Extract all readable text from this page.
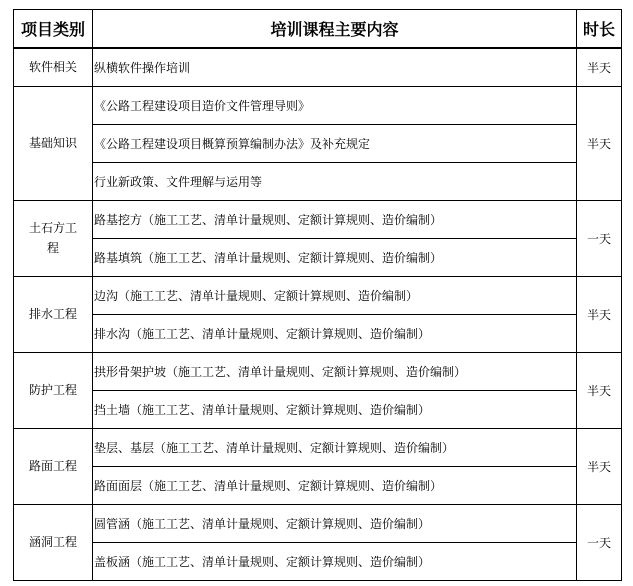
项目类别	培训课程主要内容	时长
软件相关	纵横软件操作培训	半天
基础知识	《公路工程建设项目造价文件管理导则》	半天
	《公路工程建设项目概算预算编制办法》及补充规定	
	行业新政策、文件理解与运用等	
土石方工程	路基挖方（施工工艺、清单计量规则、定额计算规则、造价编制）	一天
	路基填筑（施工工艺、清单计量规则、定额计算规则、造价编制）	
排水工程	边沟（施工工艺、清单计量规则、定额计算规则、造价编制）	半天
	排水沟（施工工艺、清单计量规则、定额计算规则、造价编制）	
防护工程	拱形骨架护坡（施工工艺、清单计量规则、定额计算规则、造价编制）	半天
	挡土墙（施工工艺、清单计量规则、定额计算规则、造价编制）	
路面工程	垫层、基层（施工工艺、清单计量规则、定额计算规则、造价编制）	半天
	路面面层（施工工艺、清单计量规则、定额计算规则、造价编制）	
涵洞工程	圆管涵（施工工艺、清单计量规则、定额计算规则、造价编制）	一天
	盖板涵（施工工艺、清单计量规则、定额计算规则、造价编制）	
